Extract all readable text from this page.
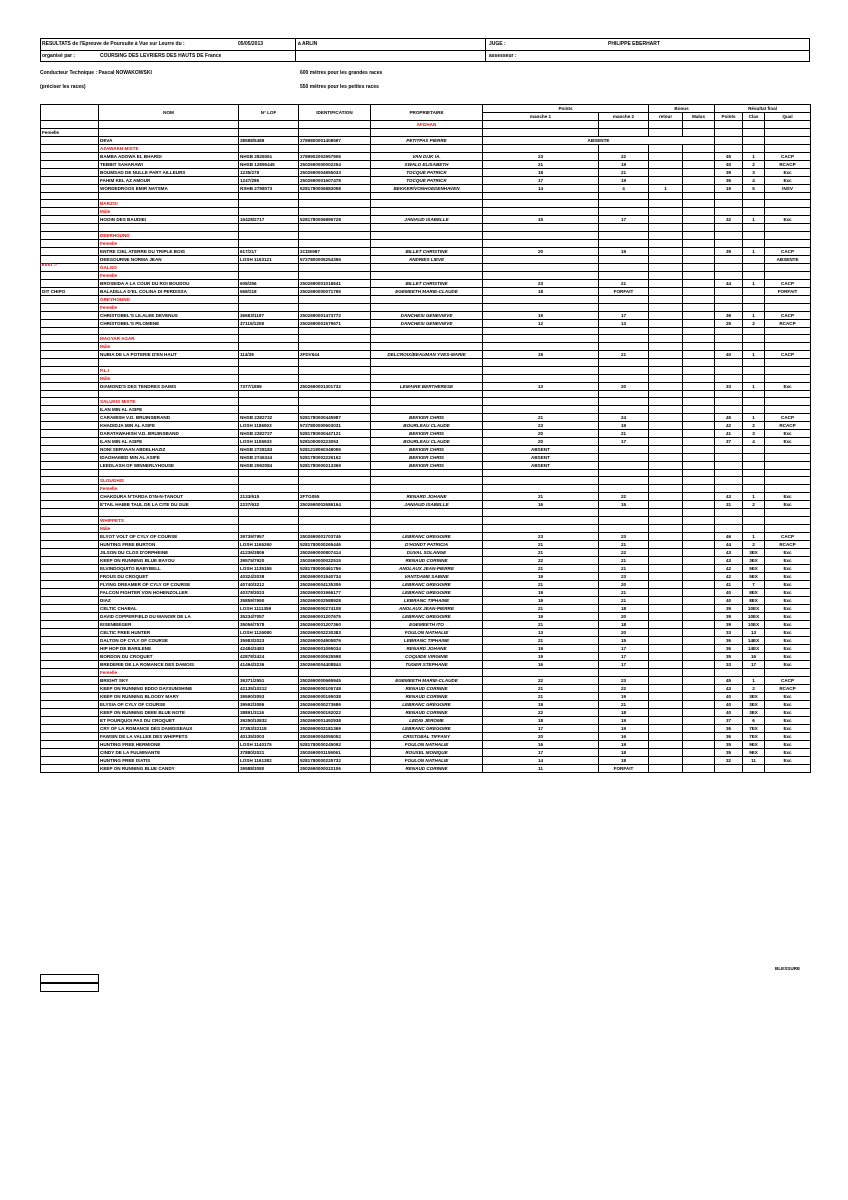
RESULTATS de l'Epreuve de Poursuite à Vue sur Leurre du :	05/05/2013	à ARLIN	JUGE :	PHILIPPE EBERHART
organisé par :	COURSING DES LEVRIERS DES HAUTS DE France	assesseur :
Conducteur Technique : Pascal NOWAKOWSKI	600 mètres pour les grandes races
(préciser les races)	550 mètres pour les petites races
	NOM	N° LOF	IDENTIFICATION	PROPRIETAIRE	Points		Bonus		Résultat final		
					manche 1	manche 2	retour	Malus	Points	Clas	Qual
				AFGHAN							
Femelle											
	DEVA	38588/5488	2789800001408597	PETITPAS PIERRE	ABSENTE						
	AZAWAKH MIXTE										
	BAMBA ADOWA EL BHARDI	NHSB 2826061	2789902002957906	VAN DIJK IA.	23	22			45	1	CACP
	TEBBIT SAHARAWI	NHSB 12895445	2502690000002254	SWALD ELISABETH	21	19			40	2	RCACP
	BOUMSAD DE NULLE PART AILLEURS	1235/278	2502690004955033	TOCQUE PATRICK	18	21			39	3	Exc
	FAHIM KEL AZ AMOUR	1247/286	2502690001607478	TOCQUE PATRICK	17	19			36	4	Exc
	WORDEDROOS EMIR NATSMA	NSHB 2798073	5281780006883058	BEKKER/VONHOEDENHAVEN	14	4	1		19	5	INSV

	BARZOI										
	Mâle										
	HOOIN DES BAUDIEI	15428/2717	5281780006895728	JANIAUD ISABELLE	15	17			32	1	Exc

	DEERHOUND										
	Femelle										
	ENTRE CIEL ATERRE DU TRIPLE BOIS	617/217	2CDE987	BILLET CHRISTINE	20	19			39	1	CACP
	DEEGOURNE NORMA JEAN	LOSH 1163121	5727800005254396	ANDRIES LIEVE							ABSENTE
	GALGO										
	Femelle										
	BROSEIDA A LA COUR DU ROI BOUDOU	608/256	2502690001018641	BILLET CHRISTINE	23	21			44	1	CACP
DIT CHIPO	BALADILLA D'EL COLINA DI PERDISSA	568/218	2502690000071795	EGEMEETH MARIE-CLAUDE	18	FORFAIT					FORFAIT
	GREYHOUND										
	Femelle										
	CHRISTOBEL'S LILALEE DEVENUS	36683/1197	2502690001473772	DANCHESI GENEVIEVE	19	17			36	1	CACP
	CHRISTOBEL'S PILOMENE	37115/1208	2502690001579671	DANCHESI GENEVIEVE	12	13			25	2	RCACP

	MAGYAR AGAR										
	Mâle										
	NUBIA DE LA POTERIE D'EN HAUT	114/38	2FDV644	DELCROIX/BEAUMAN YVES-MARIE	19	21			40	1	CACP

	P.L.I										
	Mâle										
	DIAMOND'S DES TENDRES DAIMS	7377/1859	2502690001301732	LEMAIRE BERTHERESE	13	20			33	1	Exc

	SALUKIS MIXTE										
	ILAN MIN AL ASIFE										
	CARAMISH V.D. BRUINSBRAND	NHSB 2282732	5281780000445987	BEKKER CHRIS	21	24			45	1	CACP
	KHADIDJA MIN AL ASIFE	LOSH 1186503	5727800000603031	BOURLEAU CLAUDE	23	19			42	2	RCACP
	DARATAWAHISH V.D. BRUINSBAND	NHSB 2282727	5281780000447121	BEKKER CHRIS	20	21			41	3	Exc
	ILAN MIN AL ASIFE	LOSH 1155933	528100000223053	BOURLEAU CLAUDE	20	17			37	4	Exc
	NONI SERVAAN ABDELHAZIZ	NHSB 2728183	5281218060348055	BEKKER CHRIS	ABSENT						
	IDAOHAMED MIN AL ASIFE	NHSB 2746344	5281780002226162	BEKKER CHRIS	ABSENT						
	LEEDLASH OF WINNERLYHOUSE	NHSB 2592084	5281780000213369	BEKKER CHRIS	ABSENT						

	SLOUGHIS										
	Femelle										
	CHAKDURA N'TARDA D'IN-N-TANOUT	2133/615	2FTG055	RENARD JOHANE	21	22			43	1	Exc
	E'TAIL HABIB TAUL DE LA CITE DU GUE	2237/632	2502690002686164	JANIAUD ISABELLE	16	15			31	2	Exc

	WHIPPETS										
	Mâle										
	ELYOT VOLT OF CYLY OF COURSE	39739/7957	2502690001703746	LEBRANC GREGOIRE	23	23			46	1	CACP
	HUNTING FREE BURTON	LOSH 1165260	5281780000265446	D'HONDT PATRICIA	21	21			44	2	RCACP
	JILSON DU CLOS D'ORPHEINE	41236/3806	2502690000807414	DUVAL SOLANGE	21	22			43	3EX	Exc
	KEEP ON RUNNING BLUE BAYOU	39575/7920	2502690000022515	RENAUD CORINNE	22	21			43	3EX	Exc
	ELVINDOQUITO BABYBELL	LOSH 1135155	5281780000461756	ANOLAUX JEAN-PIERRE	21	21			42	5EX	Exc
	FROUS DU CROQUET	40324/3038	2502690001540734	VANTDAME SABINE	19	23			42	5EX	Exc
	FLYING DREAMER OF CYLY OF COURSE	40740/3212	2502690004135306	LEBRANC GREGOIRE	21	20			41	7	Exc
	FALCON FIGHTER VON HOHENZOLLER	40378/3023	2502690001966177	LEBRANC GREGOIRE	19	21			40	8EX	Exc
	DIAZ	35859/7650	2502690002588928	LEBRANC TIPHAINE	19	21			40	8EX	Exc
	CELTIC CHABAL	LOSH 1111359	2502690000274108	ANOLAUX JEAN-PIERRE	21	18			39	10EX	Exc
	DAVID COPPERFIELD DU MANOIR DE LA	35234/7057	2502690001207675	LEBRANC GREGOIRE	19	20			39	10EX	Exc
	EISENBIEGER	35056/7578	2502690001207360	EGEMEETH ITO	21	18			39	10EX	Exc
	CELTIC FREE HUNTER	LOSH 1126080	2502690002230383	FOULON NATHALIE	13	20			33	13	Exc
	DALTON OF CYLY OF COURSE	35983/2023	2502690004905876	LEBRANC TIPHAINE	21	15			36	14EX	Exc
	HIP HOP DE BARILENE	42484/3483	2502690001095034	RENARD JOHANE	19	17			36	14EX	Exc
	BORDON DU CROQUET	42878/3424	2502690000625598	COQUIDE VIRGINIE	19	17			35	16	Exc
	BREDERIE DE LA ROMANCE DES DAMOIS	41494/3236	2502690004408844	TUGER STEPHANE	16	17			33	17	Exc
	Femelle										
	BRIGHT SKY	36371/2551	2502690000665945	EGEMEETH MARIE-CLAUDE	22	23			45	1	CACP
	KEEP ON RUNNING EDDO DAYSUNSHINE	42135/10212	2502690000105748	RENAUD CORINNE	21	22			43	2	RCACP
	KEEP ON RUNNING BLOODY MARY	39590/3093	2502690000195038	RENAUD CORINNE	21	19			40	3EX	Exc
	ELYSIA OF CYLY OF COURSE	39592/3086	2502690000273686	LEBRANC GREGOIRE	19	21			40	3EX	Exc
	KEEP ON RUNNING DEEE BLUE NOTE	38891/3116	2502690000192022	RENAUD CORINNE	22	18			40	3EX	Exc
	ET POURQUOI PAS DU CROQUET	39250/10832	2502690001492938	LEDIG JEROME	18	19			37	6	Exc
	CRY OF LA ROMANCE DES DAMOISEAUX	37353/32118	2502690002181369	LEBRANC GREGOIRE	17	19			36	7EX	Exc
	FAWSIN DE LA VALLEE DES WHIPPETS	40135/3003	2502690004055052	CRISTOBAL TIFFANY	20	16			36	7EX	Exc
	HUNTING FREE HERMIONE	LOSH 1140175	5281780000245092	FOULON NATHALIE	16	19			35	9EX	Exc
	CINDY DE LA FULMINANTE	37880/2021	2502690001159061	ROUXEL MONIQUE	17	18			35	9EX	Exc
	HUNTING FREE ISATIS	LOSH 1161382	5281780000225732	FOULON NATHALIE	14	18			32	11	Exc
	KEEP ON RUNNING BLUE CANDY	39588/3080	2502690000022106	RENAUD CORINNE	11	FORFAIT					
nnnn :-
BLESSURE
